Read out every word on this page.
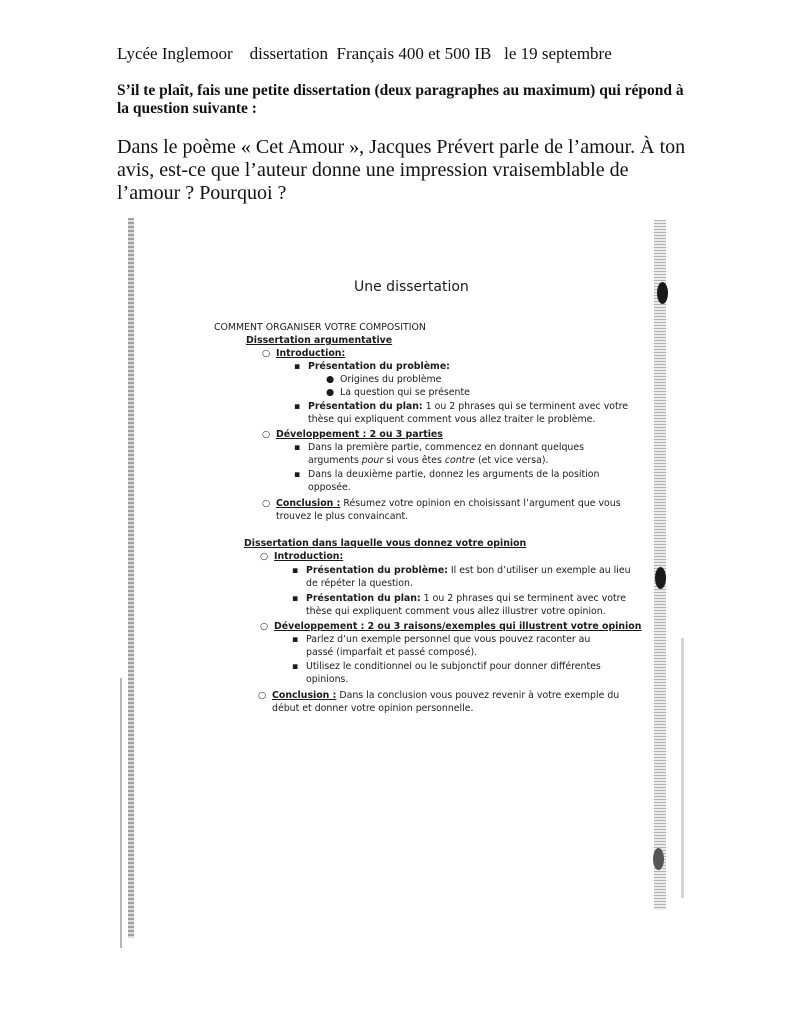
Lycée Inglemoor    dissertation  Français 400 et 500 IB   le 19 septembre
S’il te plaît, fais une petite dissertation (deux paragraphes au maximum) qui répond à la question suivante :
Dans le poème « Cet Amour », Jacques Prévert parle de l’amour. À ton avis, est-ce que l’auteur donne une impression vraisemblable de l’amour ? Pourquoi ?
Une dissertation
COMMENT ORGANISER VOTRE COMPOSITION
Dissertation argumentative
○ Introduction:
▪ Présentation du problème:
● Origines du problème
● La question qui se présente
▪ Présentation du plan: 1 ou 2 phrases qui se terminent avec votre
thèse qui expliquent comment vous allez traiter le problème.
○ Développement : 2 ou 3 parties
▪ Dans la première partie, commencez en donnant quelques
arguments pour si vous êtes contre (et vice versa).
▪ Dans la deuxième partie, donnez les arguments de la position
opposée.
○ Conclusion : Résumez votre opinion en choisissant l’argument que vous
trouvez le plus convaincant.
Dissertation dans laquelle vous donnez votre opinion
○ Introduction:
▪ Présentation du problème: Il est bon d’utiliser un exemple au lieu
de répéter la question.
▪ Présentation du plan: 1 ou 2 phrases qui se terminent avec votre
thèse qui expliquent comment vous allez illustrer votre opinion.
○ Développement : 2 ou 3 raisons/exemples qui illustrent votre opinion
▪ Parlez d’un exemple personnel que vous pouvez raconter au
passé (imparfait et passé composé).
▪ Utilisez le conditionnel ou le subjonctif pour donner différentes
opinions.
○ Conclusion : Dans la conclusion vous pouvez revenir à votre exemple du
début et donner votre opinion personnelle.
